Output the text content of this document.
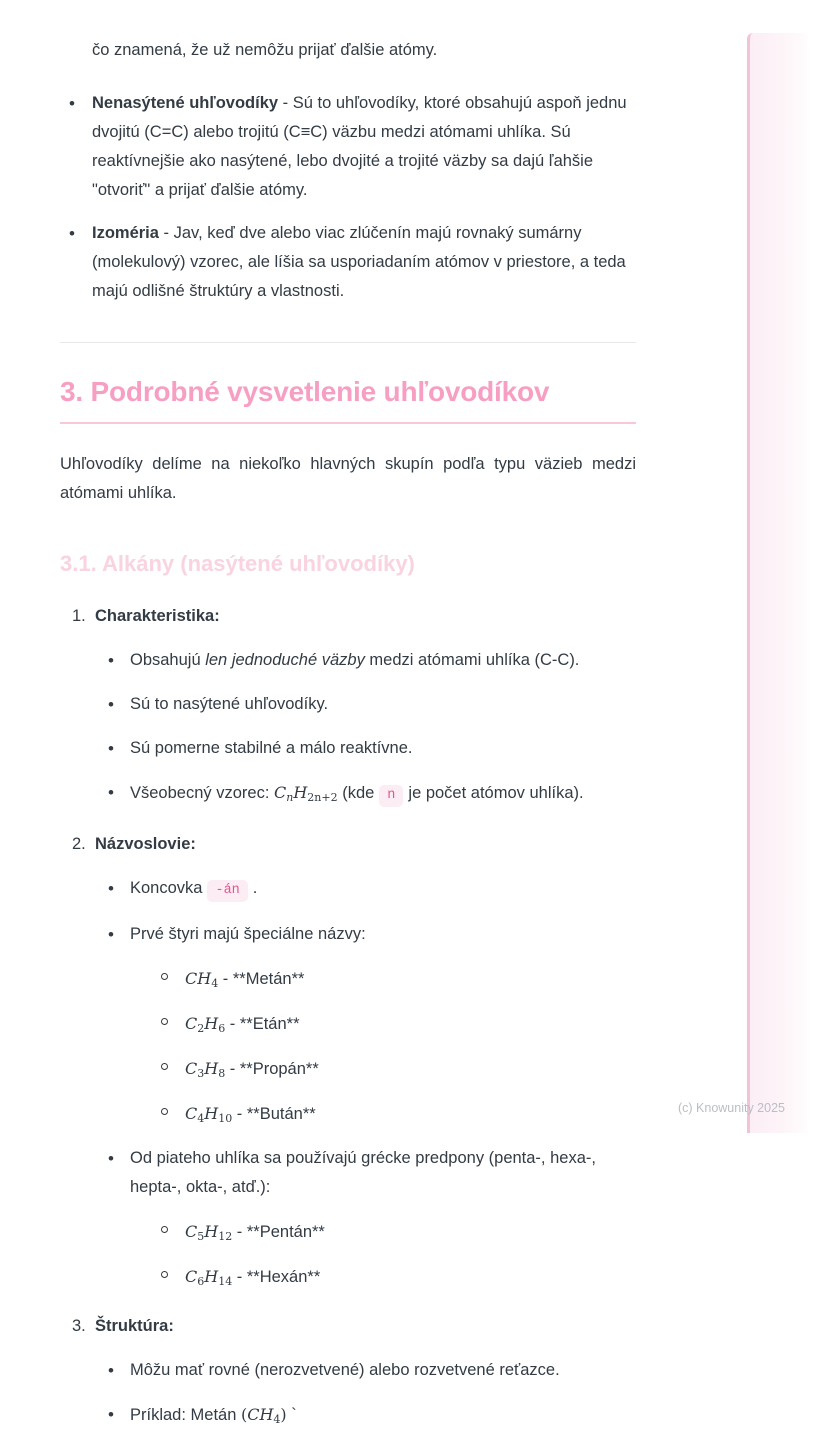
čo znamená, že už nemôžu prijať ďalšie atómy.

• Nenasýtené uhľovodíky - Sú to uhľovodíky, ktoré obsahujú aspoň jednu dvojitú (C=C) alebo trojitú (C≡C) väzbu medzi atómami uhlíka. Sú reaktívnejšie ako nasýtené, lebo dvojité a trojité väzby sa dajú ľahšie "otvoriť" a prijať ďalšie atómy.
• Izoméria - Jav, keď dve alebo viac zlúčenín majú rovnaký sumárny (molekulový) vzorec, ale líšia sa usporiadaním atómov v priestore, a teda majú odlišné štruktúry a vlastnosti.
3. Podrobné vysvetlenie uhľovodíkov

Uhľovodíky delíme na niekoľko hlavných skupín podľa typu väzieb medzi
atómami uhlíka.

3.1. Alkány (nasýtené uhľovodíky)
1. Charakteristika:
• Obsahujú len jednoduché väzby medzi atómami uhlíka (C-C).
• Sú to nasýtené uhľovodíky.
• Sú pomerne stabilné a málo reaktívne.
• Všeobecný vzorec: $C_nH_{2n+2}$ (kde n je počet atómov uhlíka).
2. Názvoslovie:
• Koncovka -án .
• Prvé štyri majú špeciálne názvy:
$CH_4$ - **Metán**
$C_2H_6$ - **Etán**
$C_3H_8$ - **Propán**
$C_4H_{10}$ - **Bután**
• Od piateho uhlíka sa používajú grécke predpony (penta-, hexa-, hepta-, okta-, atď.):
$C_5H_{12}$ - **Pentán**
$C_6H_{14}$ - **Hexán**
3. Štruktúra:
• Môžu mať rovné (nerozvetvené) alebo rozvetvené reťazce.
• Príklad: Metán $(CH_4)$ `
(c) Knowunity 2025
